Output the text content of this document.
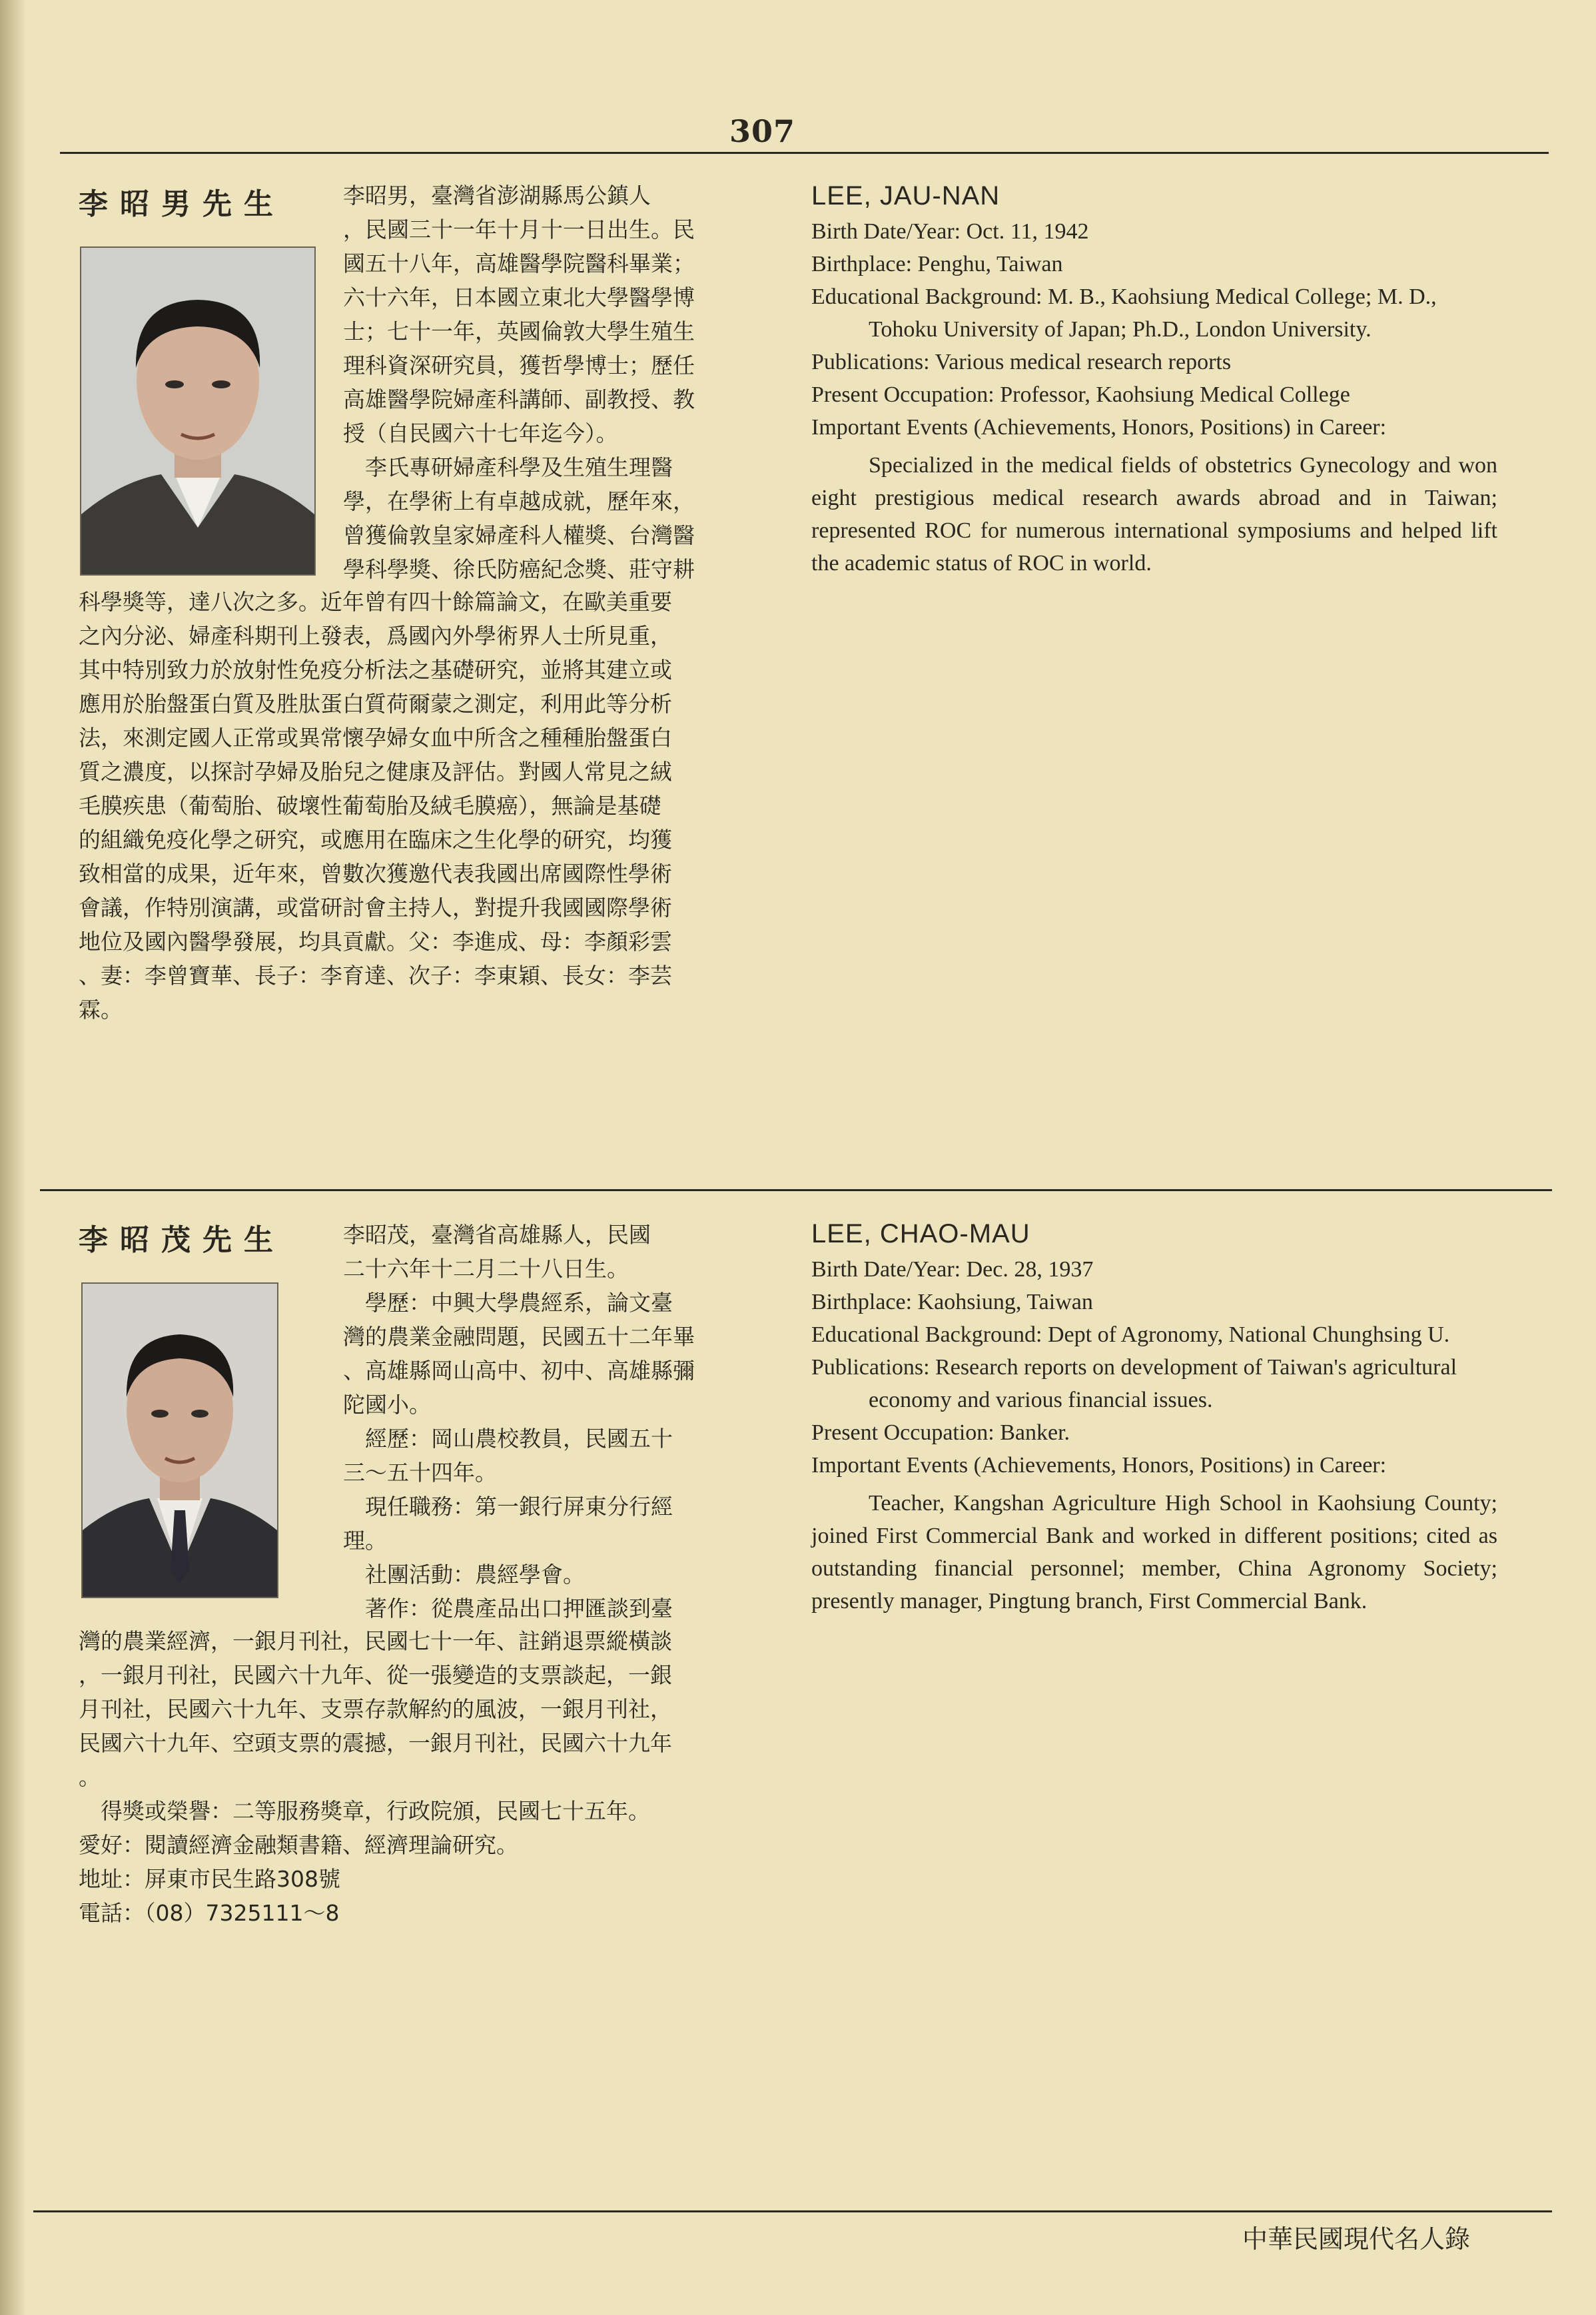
307
李昭男先生	李昭男，臺灣省澎湖縣馬公鎮人
，民國三十一年十月十一日出生。民
國五十八年，高雄醫學院醫科畢業；
六十六年，日本國立東北大學醫學博
士；七十一年，英國倫敦大學生殖生
理科資深研究員，獲哲學博士；歷任
高雄醫學院婦產科講師、副教授、教
授（自民國六十七年迄今）。
　李氏專研婦產科學及生殖生理醫
學，在學術上有卓越成就，歷年來，
曾獲倫敦皇家婦產科人權獎、台灣醫
學科學獎、徐氏防癌紀念獎、莊守耕
科學獎等，達八次之多。近年曾有四十餘篇論文，在歐美重要
之內分泌、婦產科期刊上發表，爲國內外學術界人士所見重，
其中特別致力於放射性免疫分析法之基礎研究，並將其建立或
應用於胎盤蛋白質及胜肽蛋白質荷爾蒙之測定，利用此等分析
法，來測定國人正常或異常懷孕婦女血中所含之種種胎盤蛋白
質之濃度，以探討孕婦及胎兒之健康及評估。對國人常見之絨
毛膜疾患（葡萄胎、破壞性葡萄胎及絨毛膜癌），無論是基礎
的組織免疫化學之研究，或應用在臨床之生化學的研究，均獲
致相當的成果，近年來，曾數次獲邀代表我國出席國際性學術
會議，作特別演講，或當研討會主持人，對提升我國國際學術
地位及國內醫學發展，均具貢獻。父：李進成、母：李顏彩雲
、妻：李曾寶華、長子：李育達、次子：李東穎、長女：李芸
霖。
LEE, JAU-NAN

Birth Date/Year: Oct. 11, 1942

Birthplace: Penghu, Taiwan

Educational Background: M. B., Kaohsiung Medical College; M. D., Tohoku University of Japan; Ph.D., London University.

Publications: Various medical research reports

Present Occupation: Professor, Kaohsiung Medical College

Important Events (Achievements, Honors, Positions) in Career:

Specialized in the medical fields of obstetrics Gynecology and won eight prestigious medical research awards abroad and in Taiwan; represented ROC for numerous international symposiums and helped lift the academic status of ROC in world.

李昭茂先生	李昭茂，臺灣省高雄縣人，民國
二十六年十二月二十八日生。
　學歷：中興大學農經系，論文臺
灣的農業金融問題，民國五十二年畢
、高雄縣岡山高中、初中、高雄縣彌
陀國小。
　經歷：岡山農校教員，民國五十
三～五十四年。
　現任職務：第一銀行屏東分行經
理。
　社團活動：農經學會。
　著作：從農產品出口押匯談到臺
灣的農業經濟，一銀月刊社，民國七十一年、註銷退票縱橫談
，一銀月刊社，民國六十九年、從一張變造的支票談起，一銀
月刊社，民國六十九年、支票存款解約的風波，一銀月刊社，
民國六十九年、空頭支票的震撼，一銀月刊社，民國六十九年
。
　得獎或榮譽：二等服務獎章，行政院頒，民國七十五年。
愛好：閱讀經濟金融類書籍、經濟理論研究。
地址：屏東市民生路308號
電話：（08）7325111～8
LEE, CHAO-MAU

Birth Date/Year: Dec. 28, 1937

Birthplace: Kaohsiung, Taiwan

Educational Background: Dept of Agronomy, National Chunghsing U.

Publications: Research reports on development of Taiwan's agricultural economy and various financial issues.

Present Occupation: Banker.

Important Events (Achievements, Honors, Positions) in Career:

Teacher, Kangshan Agriculture High School in Kaohsiung County; joined First Commercial Bank and worked in different positions; cited as outstanding financial personnel; member, China Agronomy Society; presently manager, Pingtung branch, First Commercial Bank.

中華民國現代名人錄
